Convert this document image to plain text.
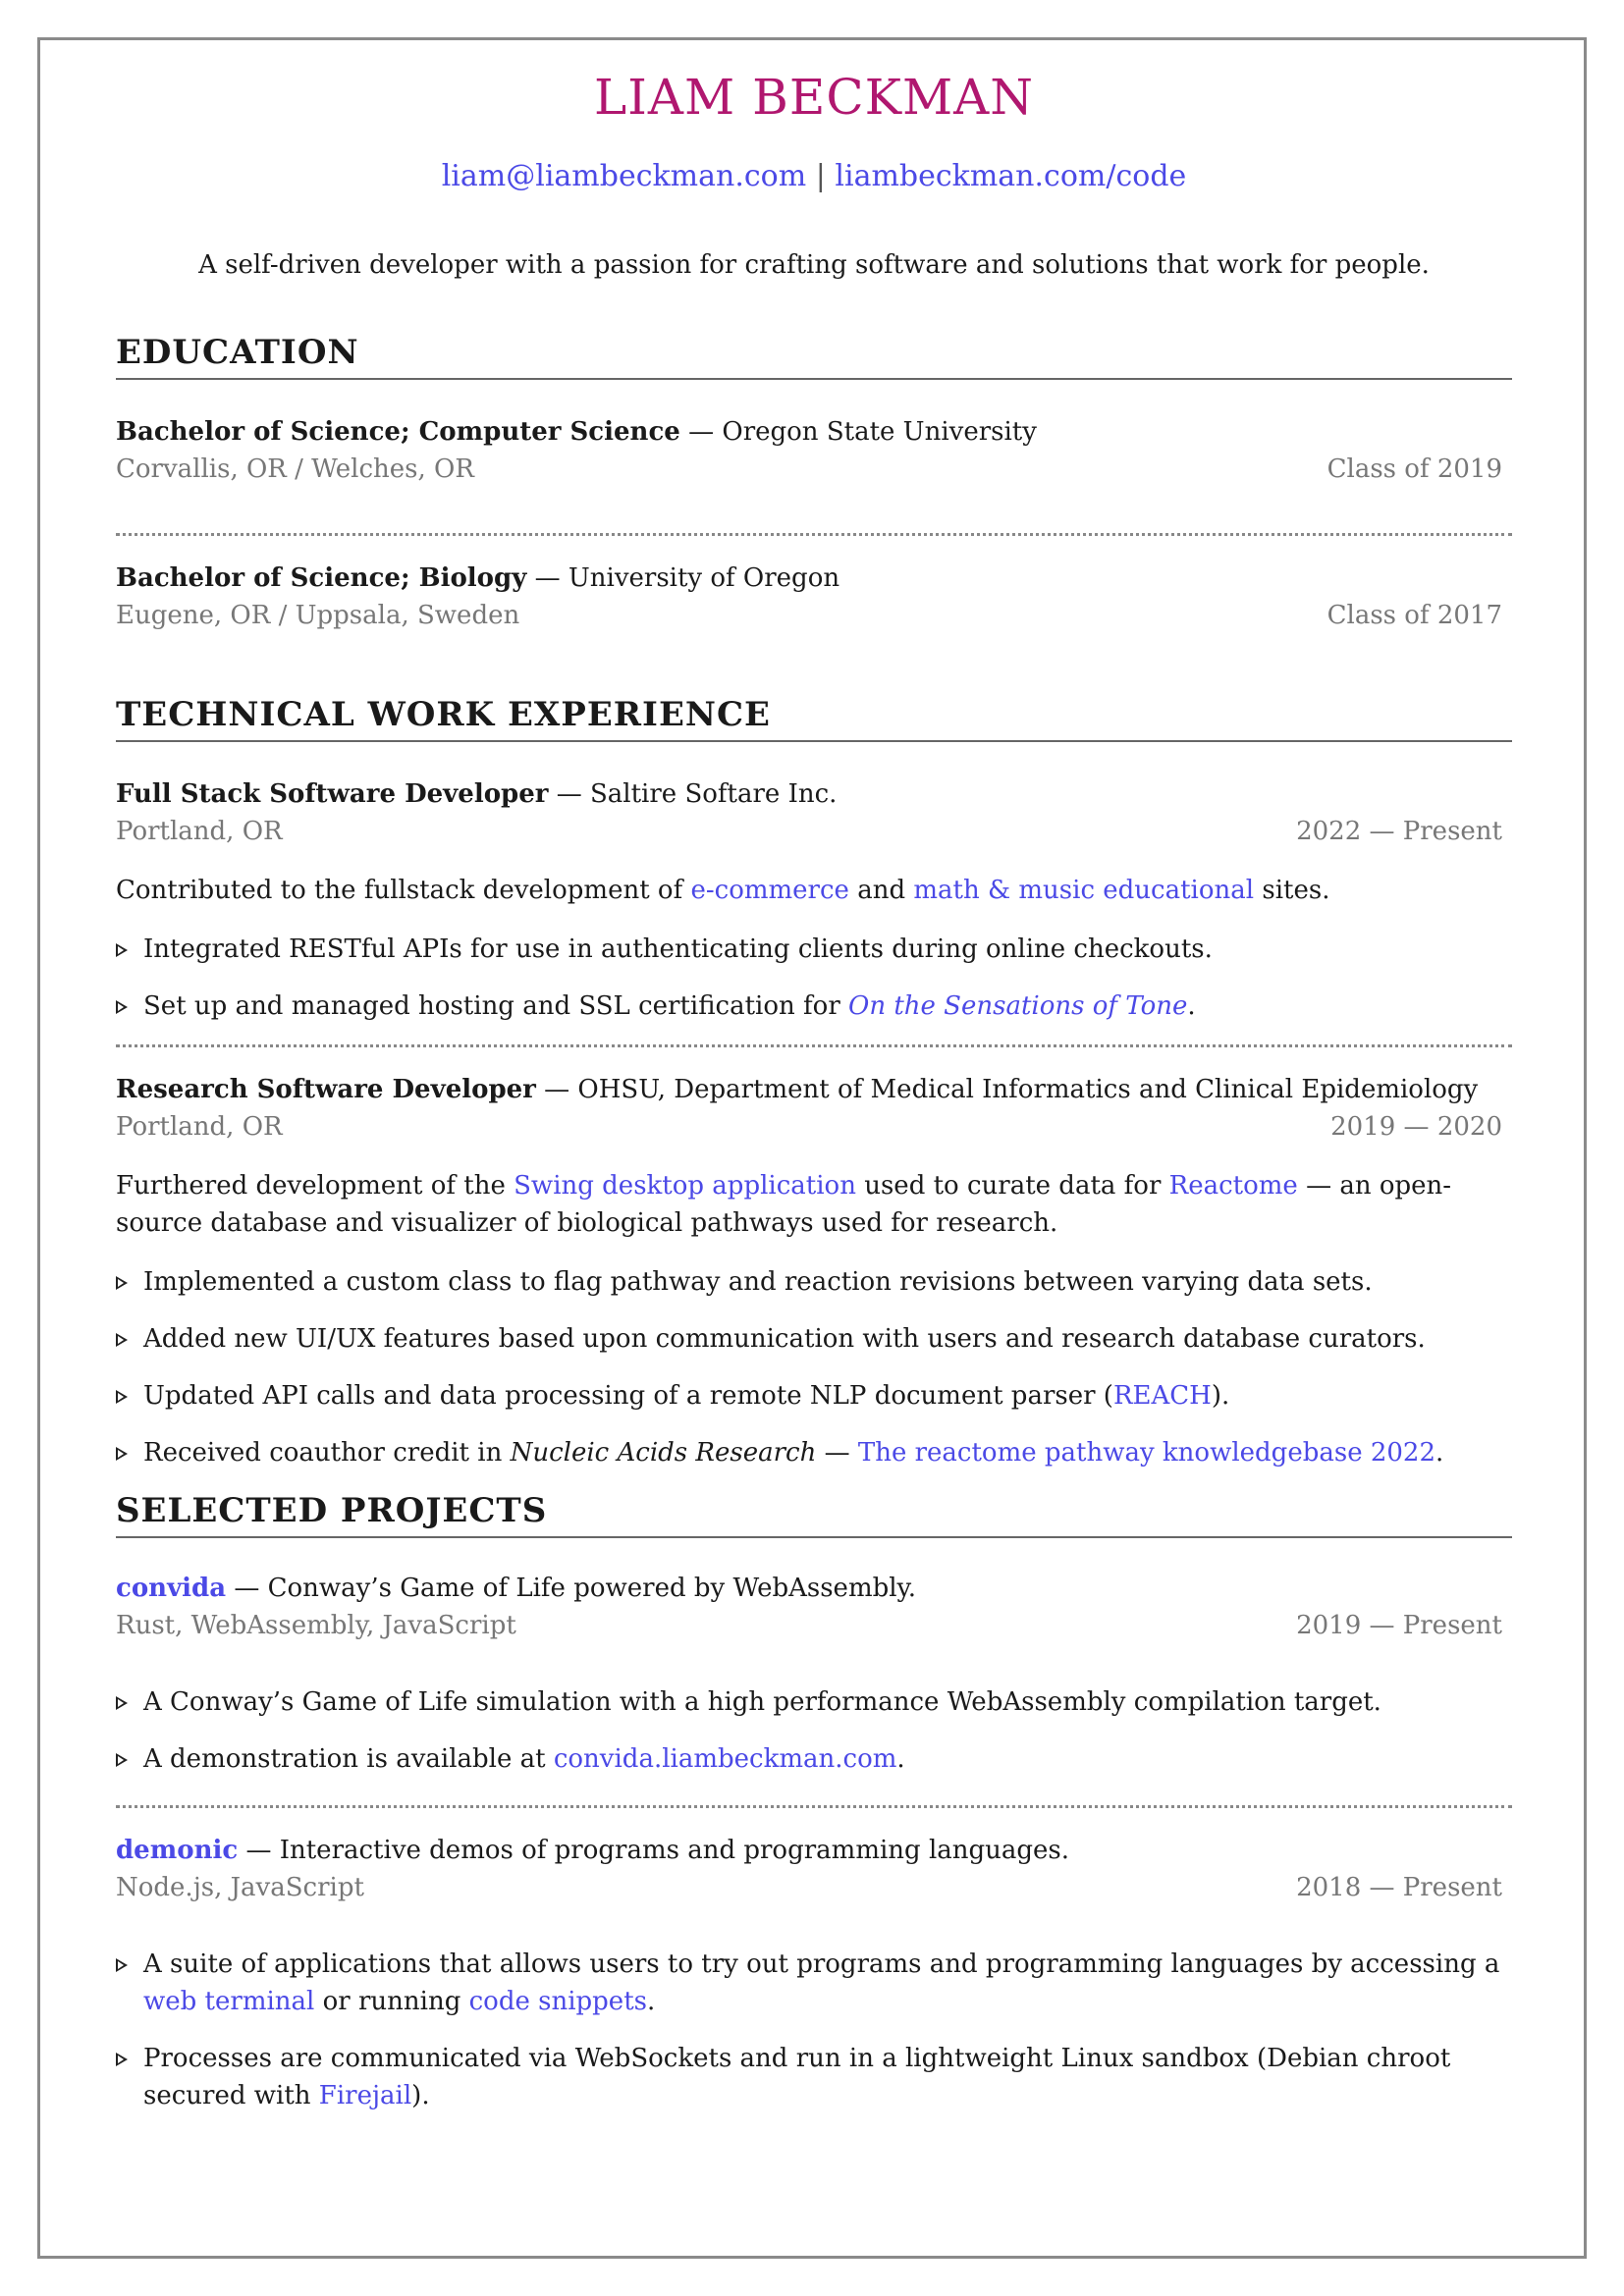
LIAM BECKMAN
liam@liambeckman.com | liambeckman.com/code
A self-driven developer with a passion for crafting software and solutions that work for people.
EDUCATION
Bachelor of Science; Computer Science — Oregon State University
Corvallis, OR / Welches, OR	Class of 2019
Bachelor of Science; Biology — University of Oregon
Eugene, OR / Uppsala, Sweden	Class of 2017
TECHNICAL WORK EXPERIENCE
Full Stack Software Developer — Saltire Softare Inc.
Portland, OR	2022 — Present
Contributed to the fullstack development of e-commerce and math & music educational sites.
Integrated RESTful APIs for use in authenticating clients during online checkouts.
Set up and managed hosting and SSL certification for On the Sensations of Tone.
Research Software Developer — OHSU, Department of Medical Informatics and Clinical Epidemiology
Portland, OR	2019 — 2020
Furthered development of the Swing desktop application used to curate data for Reactome — an open-source database and visualizer of biological pathways used for research.
Implemented a custom class to flag pathway and reaction revisions between varying data sets.
Added new UI/UX features based upon communication with users and research database curators.
Updated API calls and data processing of a remote NLP document parser (REACH).
Received coauthor credit in Nucleic Acids Research — The reactome pathway knowledgebase 2022.
SELECTED PROJECTS
convida — Conway’s Game of Life powered by WebAssembly.
Rust, WebAssembly, JavaScript	2019 — Present
A Conway’s Game of Life simulation with a high performance WebAssembly compilation target.
A demonstration is available at convida.liambeckman.com.
demonic — Interactive demos of programs and programming languages.
Node.js, JavaScript	2018 — Present
A suite of applications that allows users to try out programs and programming languages by accessing a web terminal or running code snippets.
Processes are communicated via WebSockets and run in a lightweight Linux sandbox (Debian chroot secured with Firejail).
